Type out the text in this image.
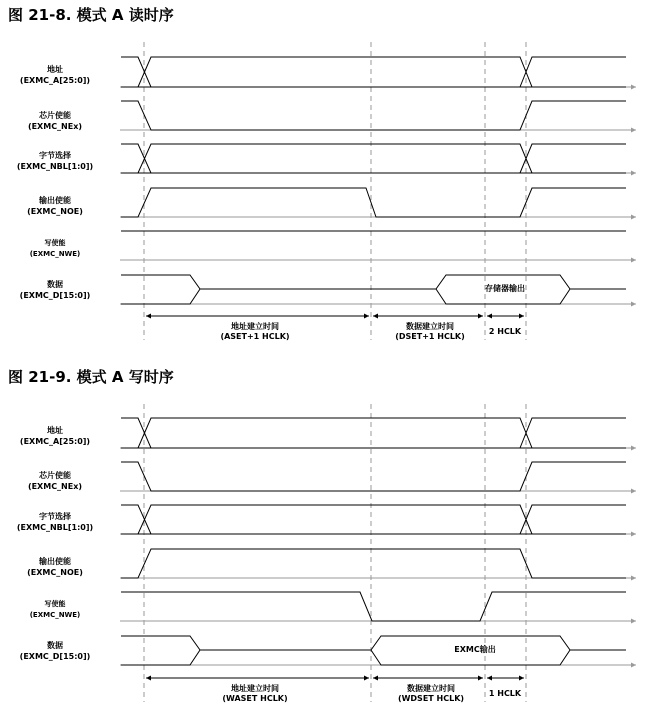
图 21-8. 模式 A 读时序
地址
(EXMC_A[25:0])
芯片使能
(EXMC_NEx)
字节选择
(EXMC_NBL[1:0])
输出使能
(EXMC_NOE)
写使能
(EXMC_NWE)
数据
(EXMC_D[15:0])
存储器输出
地址建立时间
(ASET+1 HCLK)
数据建立时间
(DSET+1 HCLK)
2 HCLK
图 21-9. 模式 A 写时序
地址
(EXMC_A[25:0])
芯片使能
(EXMC_NEx)
字节选择
(EXMC_NBL[1:0])
输出使能
(EXMC_NOE)
写使能
(EXMC_NWE)
数据
(EXMC_D[15:0])
EXMC输出
地址建立时间
(WASET HCLK)
数据建立时间
(WDSET HCLK)
1 HCLK
